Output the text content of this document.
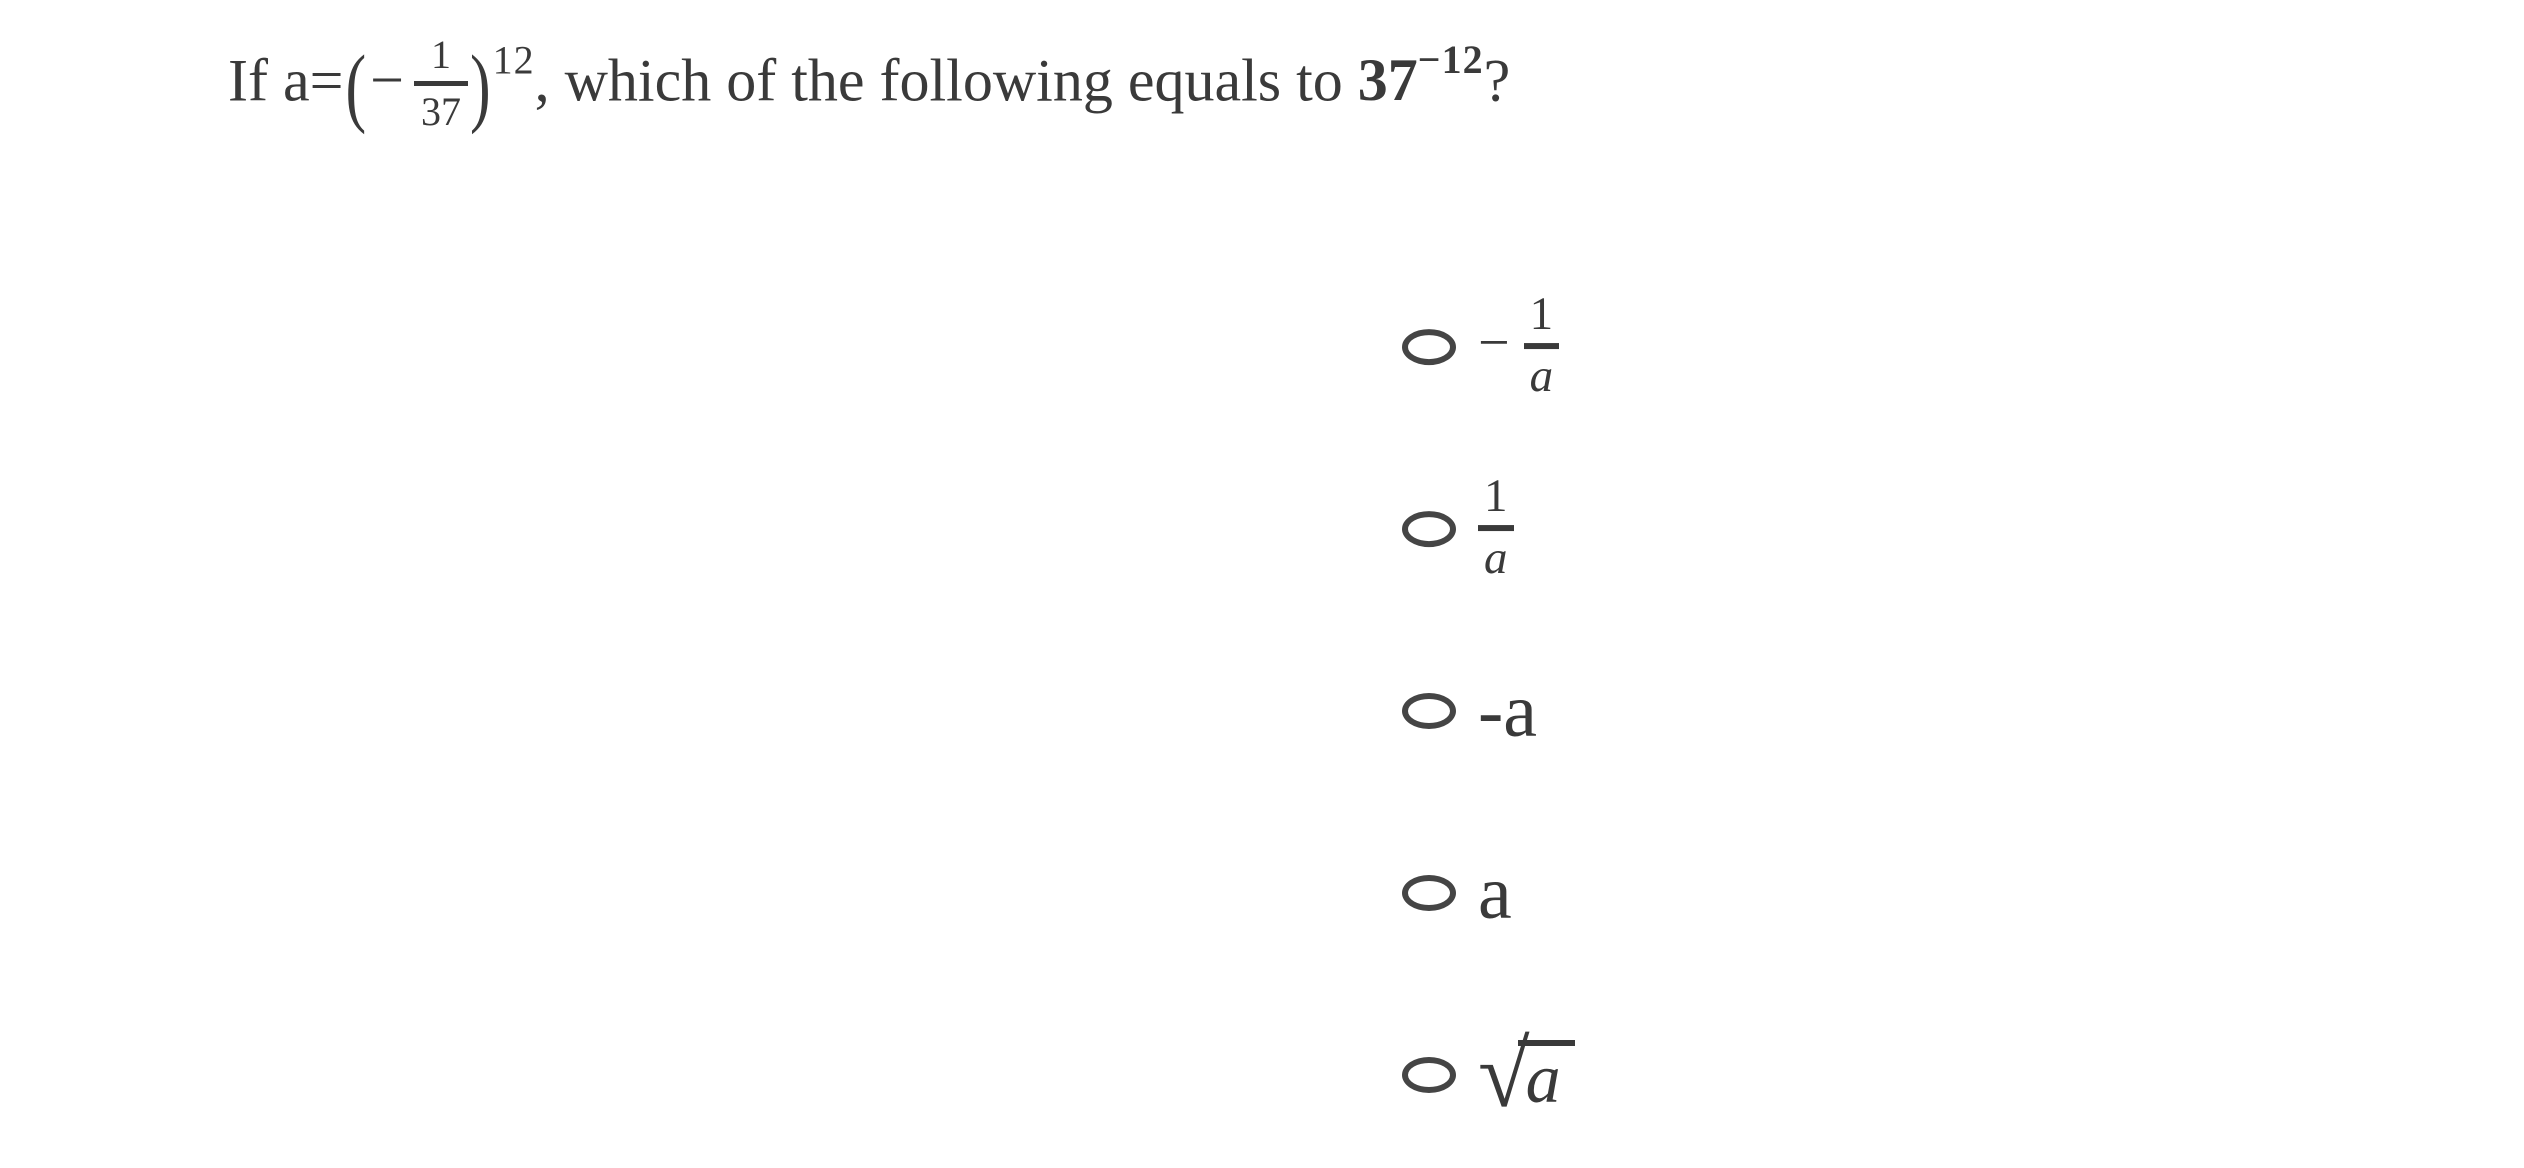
If $a=(- \frac{1}{37} )^{12}$, which of the following equals to $37^{-12}$?
− $\frac{1}{a}$
$\frac{1}{a}$
-a
a
√
a
